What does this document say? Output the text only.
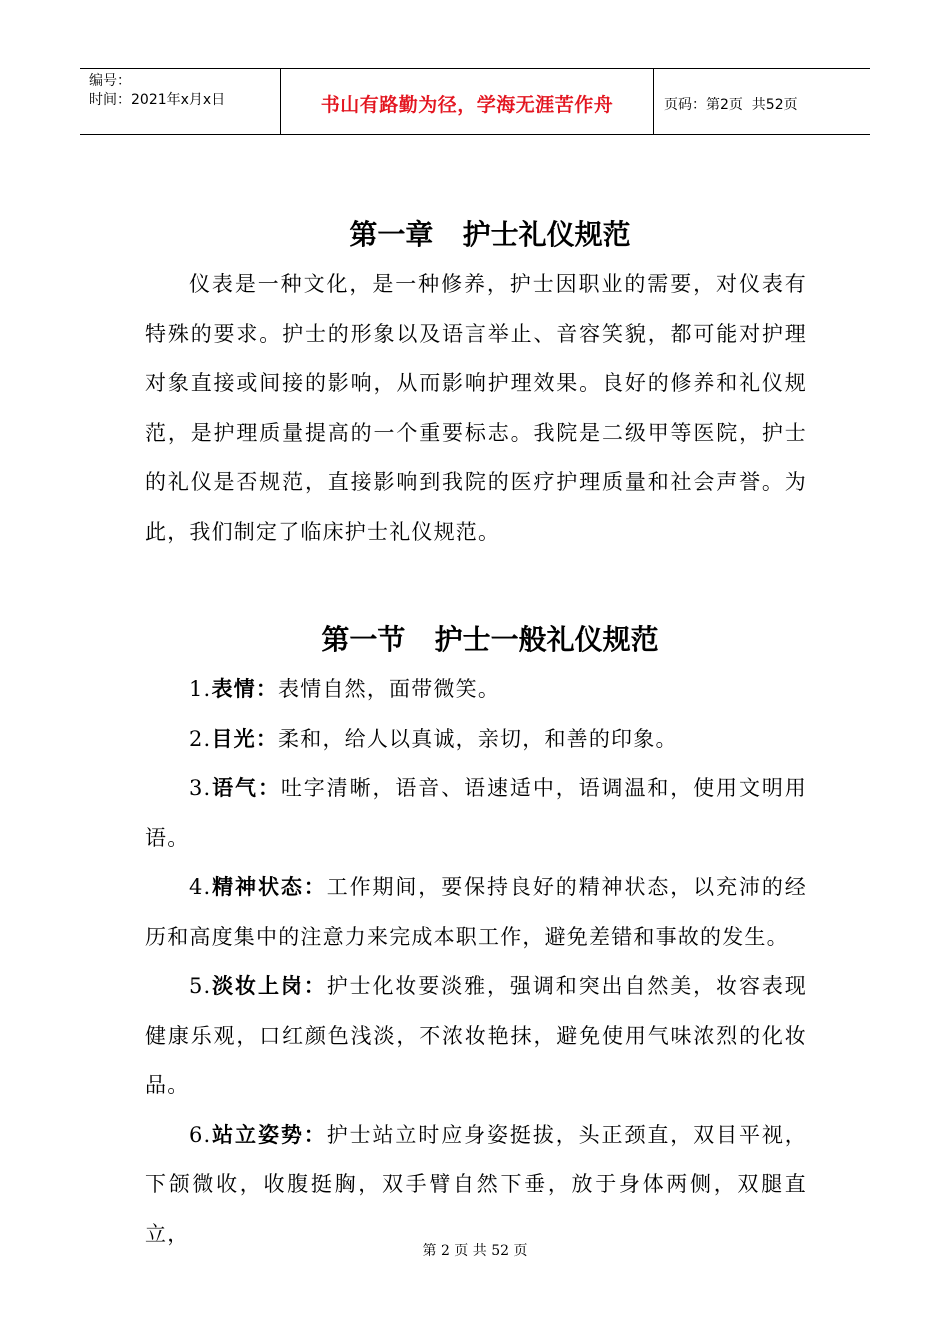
编号：
时间：2021年x月x日	书山有路勤为径，学海无涯苦作舟	页码：第2页  共52页
第一章   护士礼仪规范

仪表是一种文化，是一种修养，护士因职业的需要，对仪表有特殊的要求。护士的形象以及语言举止、音容笑貌，都可能对护理对象直接或间接的影响，从而影响护理效果。良好的修养和礼仪规范，是护理质量提高的一个重要标志。我院是二级甲等医院，护士的礼仪是否规范，直接影响到我院的医疗护理质量和社会声誉。为此，我们制定了临床护士礼仪规范。

第一节   护士一般礼仪规范

1.表情：表情自然，面带微笑。

2.目光：柔和，给人以真诚，亲切，和善的印象。

3.语气：吐字清晰，语音、语速适中，语调温和，使用文明用语。

4.精神状态：工作期间，要保持良好的精神状态，以充沛的经历和高度集中的注意力来完成本职工作，避免差错和事故的发生。

5.淡妆上岗：护士化妆要淡雅，强调和突出自然美，妆容表现健康乐观，口红颜色浅淡，不浓妆艳抹，避免使用气味浓烈的化妆品。

6.站立姿势：护士站立时应身姿挺拔，头正颈直，双目平视，下颌微收，收腹挺胸，双手臂自然下垂，放于身体两侧，双腿直立，

第 2 页 共 52 页
